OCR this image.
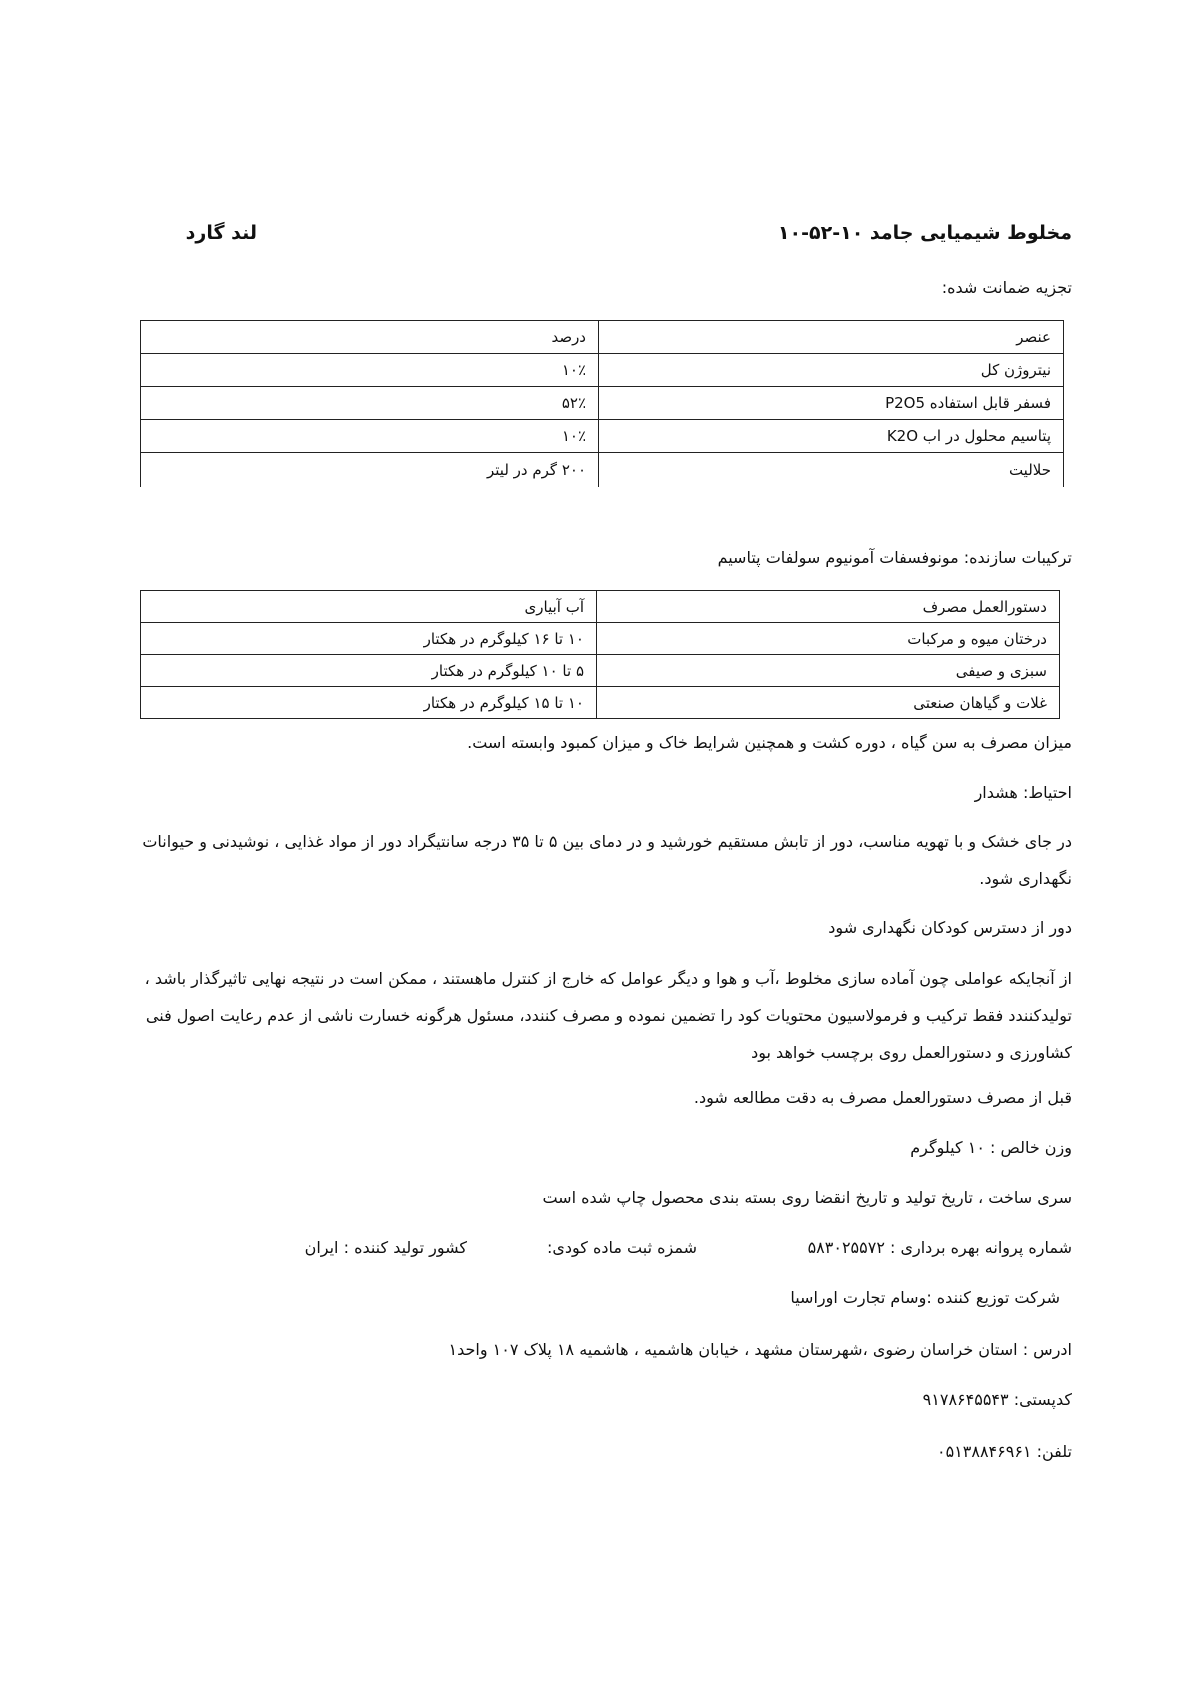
مخلوط شیمیایی جامد ۱۰-۵۲-۱۰
لند گارد
تجزیه ضمانت شده:
عنصر	درصد
نیتروژن کل	۱۰٪
فسفر قابل استفاده P2O5	۵۲٪
پتاسیم محلول در اب K2O	۱۰٪
حلالیت	۲۰۰ گرم در لیتر
ترکیبات سازنده: مونوفسفات آمونیوم سولفات پتاسیم
دستورالعمل مصرف	آب آبیاری
درختان میوه و مرکبات	۱۰ تا ۱۶ کیلوگرم در هکتار
سبزی و صیفی	۵ تا ۱۰ کیلوگرم در هکتار
غلات و گیاهان صنعتی	۱۰ تا ۱۵ کیلوگرم در هکتار
میزان مصرف به سن گیاه ، دوره کشت و همچنین شرایط خاک و میزان کمبود وابسته است.
احتیاط: هشدار
در جای خشک و با تهویه مناسب، دور از تابش مستقیم خورشید و در دمای بین ۵ تا ۳۵ درجه سانتیگراد دور از مواد غذایی ، نوشیدنی و حیوانات نگهداری شود.
دور از دسترس کودکان نگهداری شود
از آنجایکه عواملی چون آماده سازی مخلوط ،آب و هوا و دیگر عوامل که خارج از کنترل ماهستند ، ممکن است در نتیجه نهایی تاثیرگذار باشد ، تولیدکنندد فقط ترکیب و فرمولاسیون محتویات کود را تضمین نموده و مصرف کنندد، مسئول هرگونه خسارت ناشی از عدم رعایت اصول فنی کشاورزی و دستورالعمل روی برچسب خواهد بود
قبل از مصرف دستورالعمل مصرف به دقت مطالعه شود.
وزن خالص : ۱۰ کیلوگرم
سری ساخت ، تاریخ تولید و تاریخ انقضا روی بسته بندی محصول چاپ شده است
شماره پروانه بهره برداری : ۵۸۳۰۲۵۵۷۲
شمزه ثبت ماده کودی:
کشور تولید کننده : ایران
شرکت توزیع کننده :وسام تجارت اوراسیا
ادرس : استان خراسان رضوی ،شهرستان مشهد ، خیابان هاشمیه ، هاشمیه ۱۸ پلاک ۱۰۷ واحد۱
کدپستی: ۹۱۷۸۶۴۵۵۴۳
تلفن: ۰۵۱۳۸۸۴۶۹۶۱
